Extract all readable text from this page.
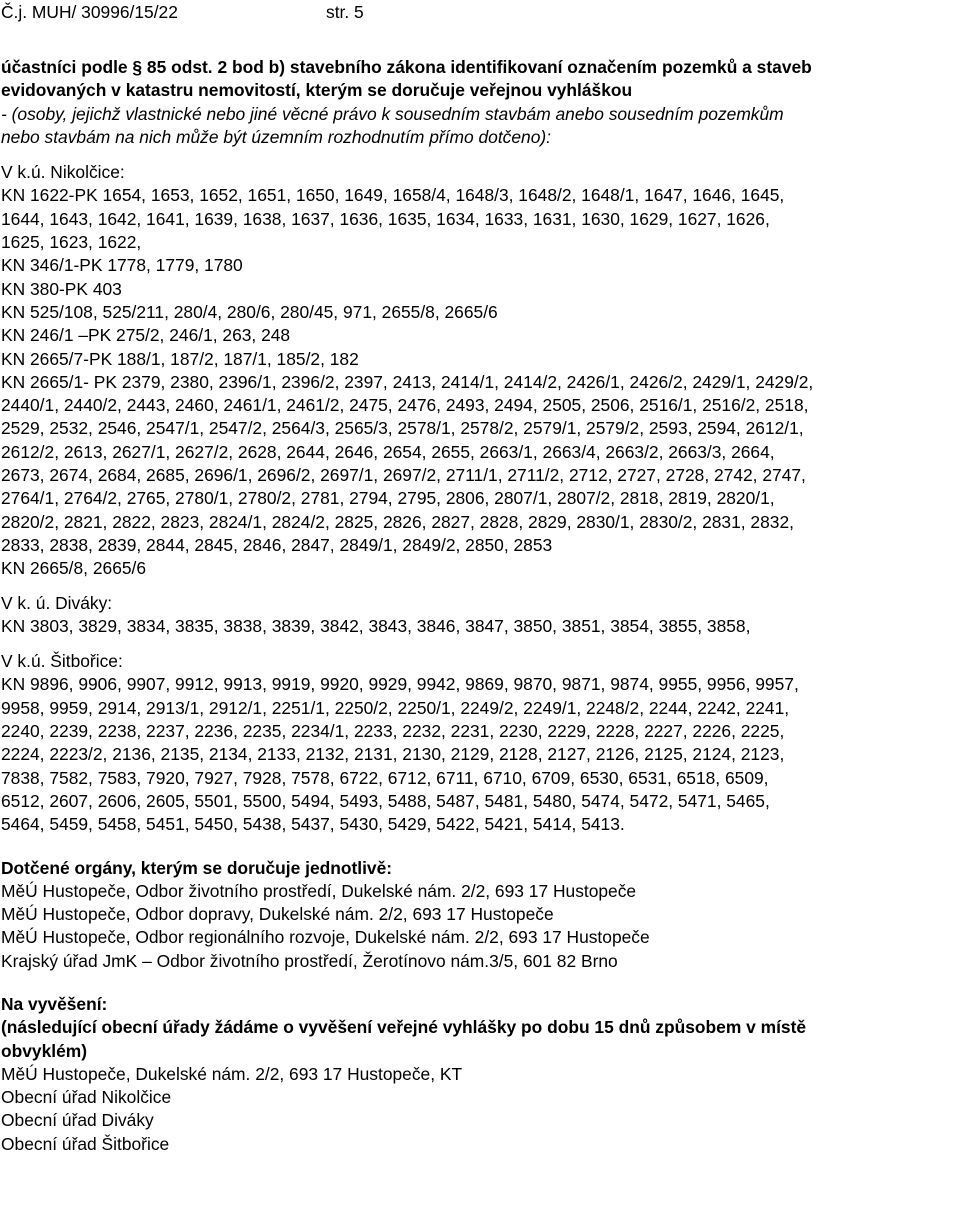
Č.j. MUH/ 30996/15/22	str. 5
účastníci podle § 85 odst. 2 bod b) stavebního zákona identifikovaní označením pozemků a staveb
evidovaných v katastru nemovitostí, kterým se doručuje veřejnou vyhláškou
- (osoby, jejichž vlastnické nebo jiné věcné právo k sousedním stavbám anebo sousedním pozemkům
nebo stavbám na nich může být územním rozhodnutím přímo dotčeno):
V k.ú. Nikolčice:
KN 1622-PK 1654, 1653, 1652, 1651, 1650, 1649, 1658/4, 1648/3, 1648/2, 1648/1, 1647, 1646, 1645,
1644, 1643, 1642, 1641, 1639, 1638, 1637, 1636, 1635, 1634, 1633, 1631, 1630, 1629, 1627, 1626,
1625, 1623, 1622,
KN 346/1-PK 1778, 1779, 1780
KN 380-PK 403
KN 525/108, 525/211, 280/4, 280/6, 280/45, 971, 2655/8, 2665/6
KN 246/1 –PK 275/2, 246/1, 263, 248
KN 2665/7-PK 188/1, 187/2, 187/1, 185/2, 182
KN 2665/1- PK 2379, 2380, 2396/1, 2396/2, 2397, 2413, 2414/1, 2414/2, 2426/1, 2426/2, 2429/1, 2429/2,
2440/1, 2440/2, 2443, 2460, 2461/1, 2461/2, 2475, 2476, 2493, 2494, 2505, 2506, 2516/1, 2516/2, 2518,
2529, 2532, 2546, 2547/1, 2547/2, 2564/3, 2565/3, 2578/1, 2578/2, 2579/1, 2579/2, 2593, 2594, 2612/1,
2612/2, 2613, 2627/1, 2627/2, 2628, 2644, 2646, 2654, 2655, 2663/1, 2663/4, 2663/2, 2663/3, 2664,
2673, 2674, 2684, 2685, 2696/1, 2696/2, 2697/1, 2697/2, 2711/1, 2711/2, 2712, 2727, 2728, 2742, 2747,
2764/1, 2764/2, 2765, 2780/1, 2780/2, 2781, 2794, 2795, 2806, 2807/1, 2807/2, 2818, 2819, 2820/1,
2820/2, 2821, 2822, 2823, 2824/1, 2824/2, 2825, 2826, 2827, 2828, 2829, 2830/1, 2830/2, 2831, 2832,
2833, 2838, 2839, 2844, 2845, 2846, 2847, 2849/1, 2849/2, 2850, 2853
KN 2665/8, 2665/6
V k. ú. Diváky:
KN 3803, 3829, 3834, 3835, 3838, 3839, 3842, 3843, 3846, 3847, 3850, 3851, 3854, 3855, 3858,
V k.ú. Šitbořice:
KN 9896, 9906, 9907, 9912, 9913, 9919, 9920, 9929, 9942, 9869, 9870, 9871, 9874, 9955, 9956, 9957,
9958, 9959, 2914, 2913/1, 2912/1, 2251/1, 2250/2, 2250/1, 2249/2, 2249/1, 2248/2, 2244, 2242, 2241,
2240, 2239, 2238, 2237, 2236, 2235, 2234/1, 2233, 2232, 2231, 2230, 2229, 2228, 2227, 2226, 2225,
2224, 2223/2, 2136, 2135, 2134, 2133, 2132, 2131, 2130, 2129, 2128, 2127, 2126, 2125, 2124, 2123,
7838, 7582, 7583, 7920, 7927, 7928, 7578, 6722, 6712, 6711, 6710, 6709, 6530, 6531, 6518, 6509,
6512, 2607, 2606, 2605, 5501, 5500, 5494, 5493, 5488, 5487, 5481, 5480, 5474, 5472, 5471, 5465,
5464, 5459, 5458, 5451, 5450, 5438, 5437, 5430, 5429, 5422, 5421, 5414, 5413.
Dotčené orgány, kterým se doručuje jednotlivě:
MěÚ Hustopeče, Odbor životního prostředí, Dukelské nám. 2/2, 693 17 Hustopeče
MěÚ Hustopeče, Odbor dopravy, Dukelské nám. 2/2, 693 17 Hustopeče
MěÚ Hustopeče, Odbor regionálního rozvoje, Dukelské nám. 2/2, 693 17 Hustopeče
Krajský úřad JmK – Odbor životního prostředí, Žerotínovo nám.3/5, 601 82 Brno
Na vyvěšení:
(následující obecní úřady žádáme o vyvěšení veřejné vyhlášky po dobu 15 dnů způsobem v místě
obvyklém)
MěÚ Hustopeče, Dukelské nám. 2/2, 693 17 Hustopeče, KT
Obecní úřad Nikolčice
Obecní úřad Diváky
Obecní úřad Šitbořice
